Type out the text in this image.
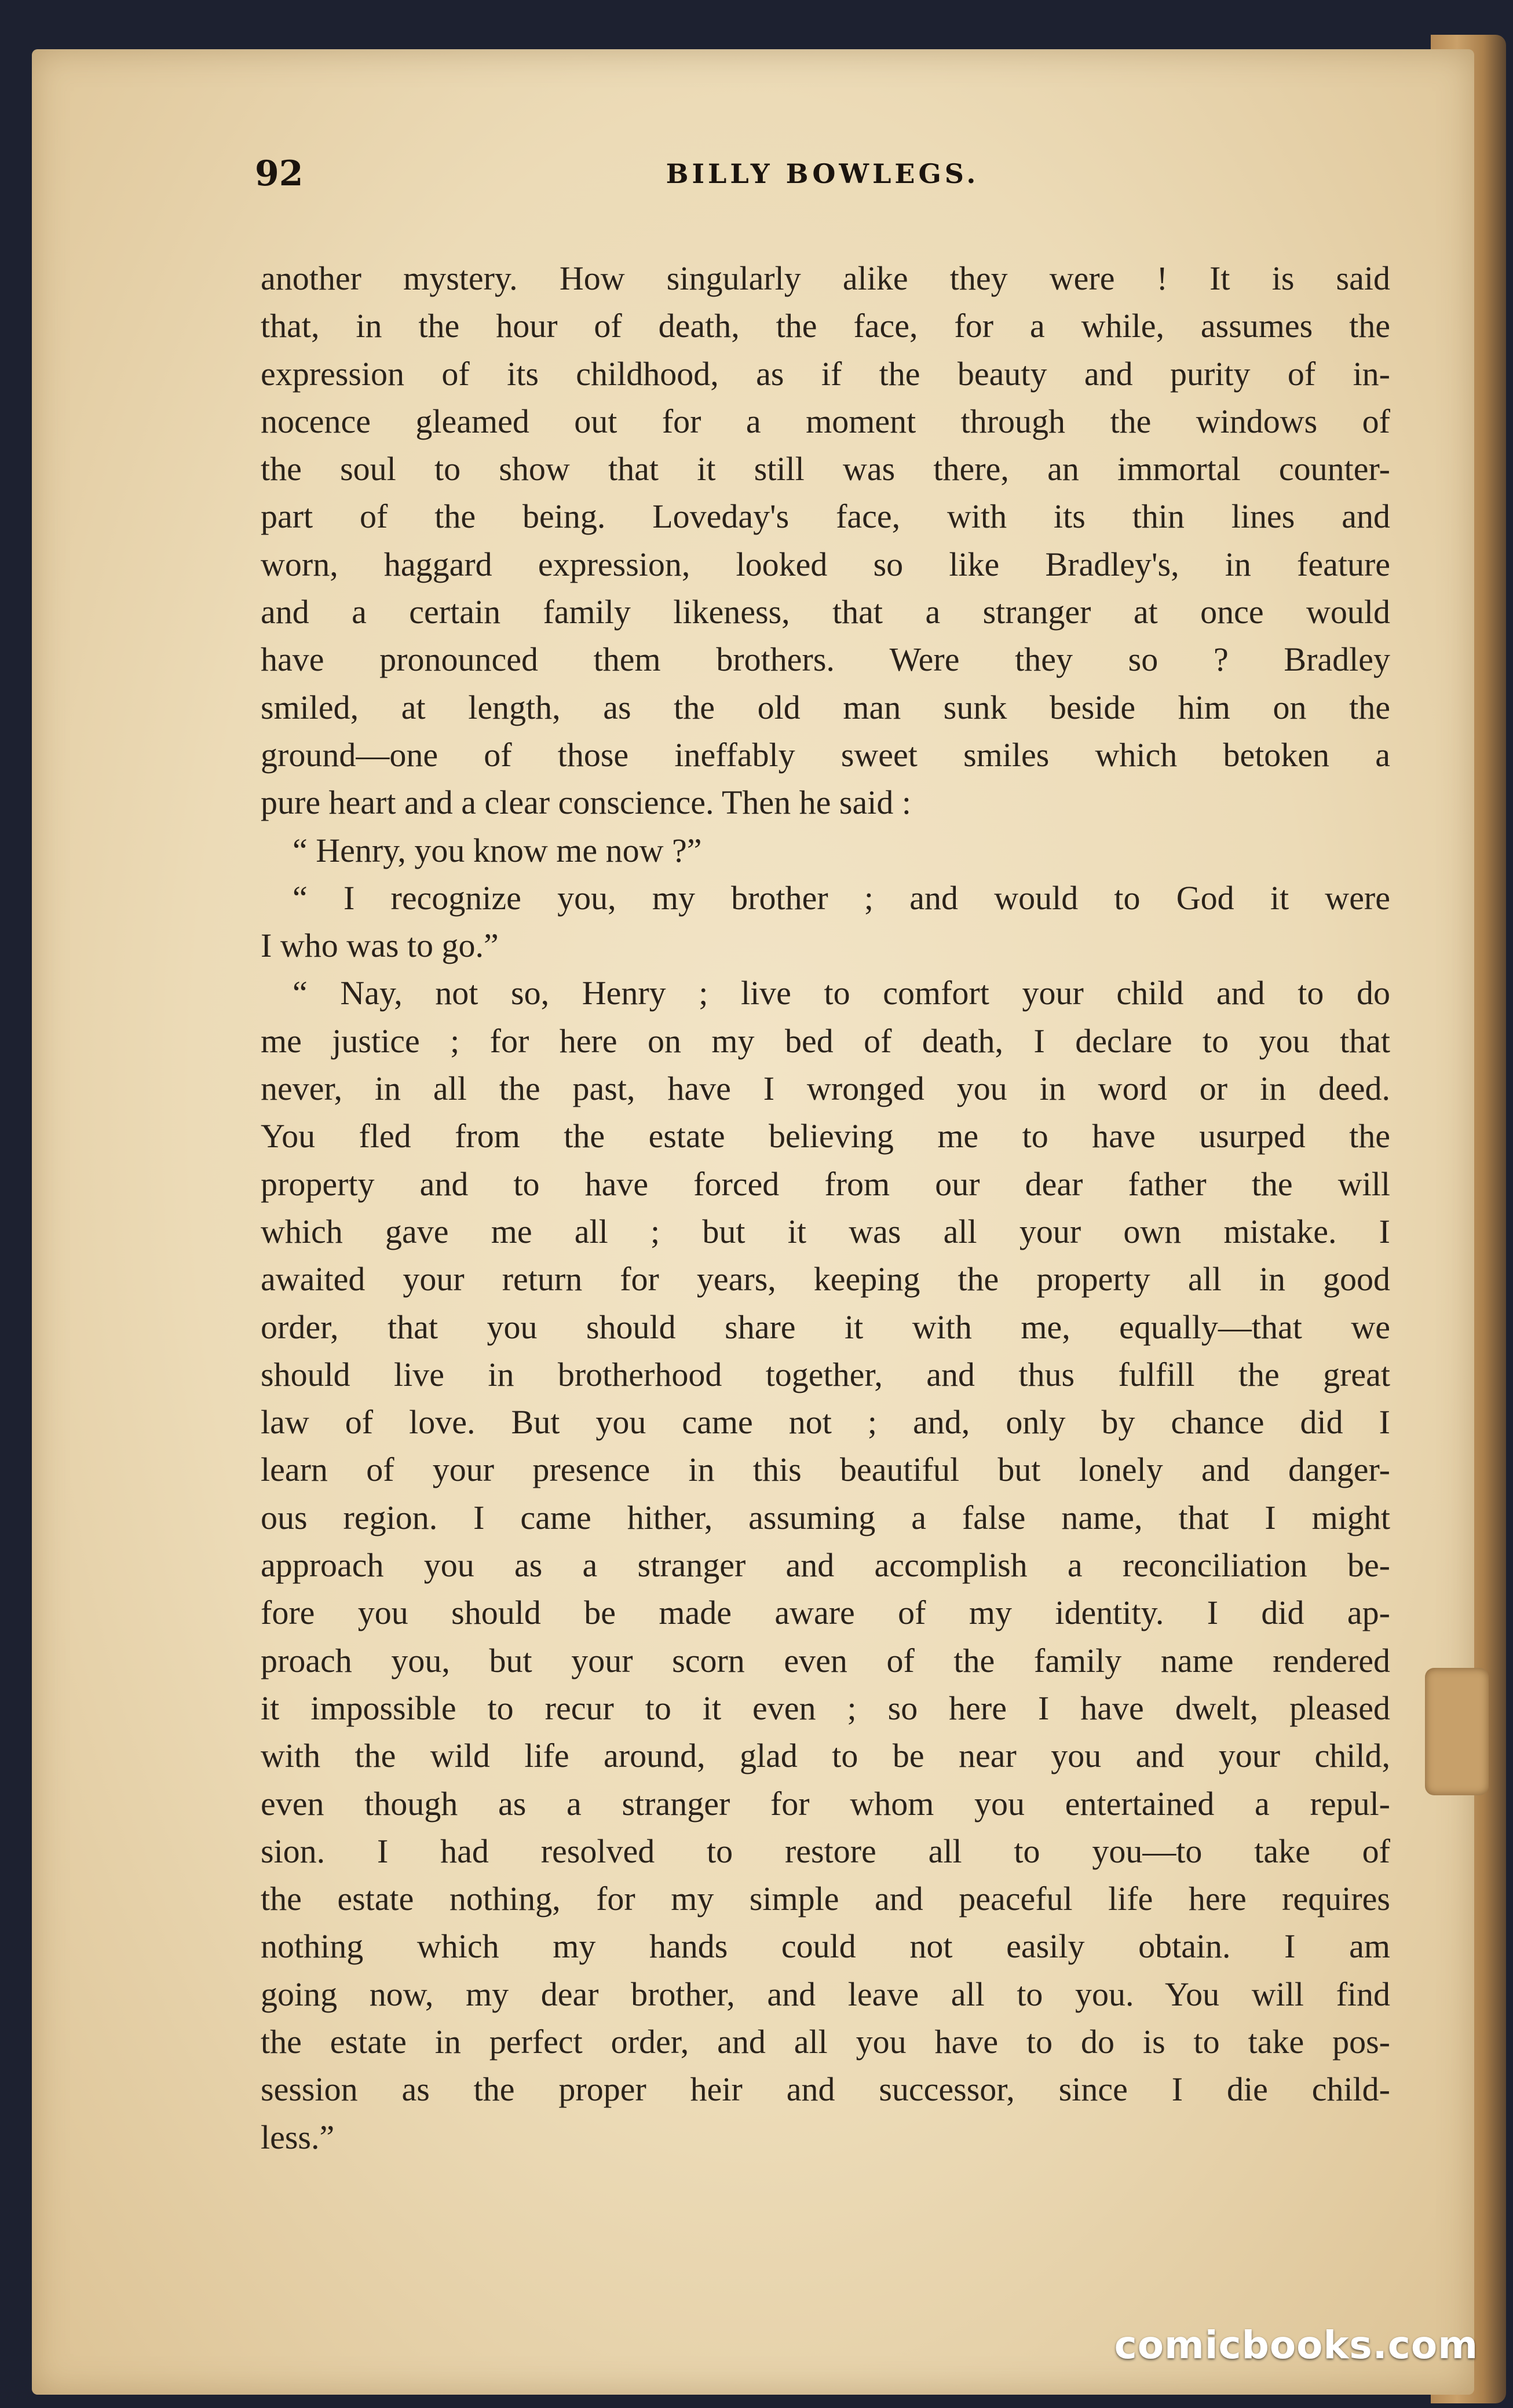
92	BILLY BOWLEGS.
another mystery. How singularly alike they were ! It is said
that, in the hour of death, the face, for a while, assumes the
expression of its childhood, as if the beauty and purity of in-
nocence gleamed out for a moment through the windows of
the soul to show that it still was there, an immortal counter-
part of the being. Loveday's face, with its thin lines and
worn, haggard expression, looked so like Bradley's, in feature
and a certain family likeness, that a stranger at once would
have pronounced them brothers. Were they so ? Bradley
smiled, at length, as the old man sunk beside him on the
ground—one of those ineffably sweet smiles which betoken a
pure heart and a clear conscience. Then he said :
“ Henry, you know me now ?”
“ I recognize you, my brother ; and would to God it were
I who was to go.”
“ Nay, not so, Henry ; live to comfort your child and to do
me justice ; for here on my bed of death, I declare to you that
never, in all the past, have I wronged you in word or in deed.
You fled from the estate believing me to have usurped the
property and to have forced from our dear father the will
which gave me all ; but it was all your own mistake. I
awaited your return for years, keeping the property all in good
order, that you should share it with me, equally—that we
should live in brotherhood together, and thus fulfill the great
law of love. But you came not ; and, only by chance did I
learn of your presence in this beautiful but lonely and danger-
ous region. I came hither, assuming a false name, that I might
approach you as a stranger and accomplish a reconciliation be-
fore you should be made aware of my identity. I did ap-
proach you, but your scorn even of the family name rendered
it impossible to recur to it even ; so here I have dwelt, pleased
with the wild life around, glad to be near you and your child,
even though as a stranger for whom you entertained a repul-
sion. I had resolved to restore all to you—to take of
the estate nothing, for my simple and peaceful life here requires
nothing which my hands could not easily obtain. I am
going now, my dear brother, and leave all to you. You will find
the estate in perfect order, and all you have to do is to take pos-
session as the proper heir and successor, since I die child-
less.”
comicbooks.com
